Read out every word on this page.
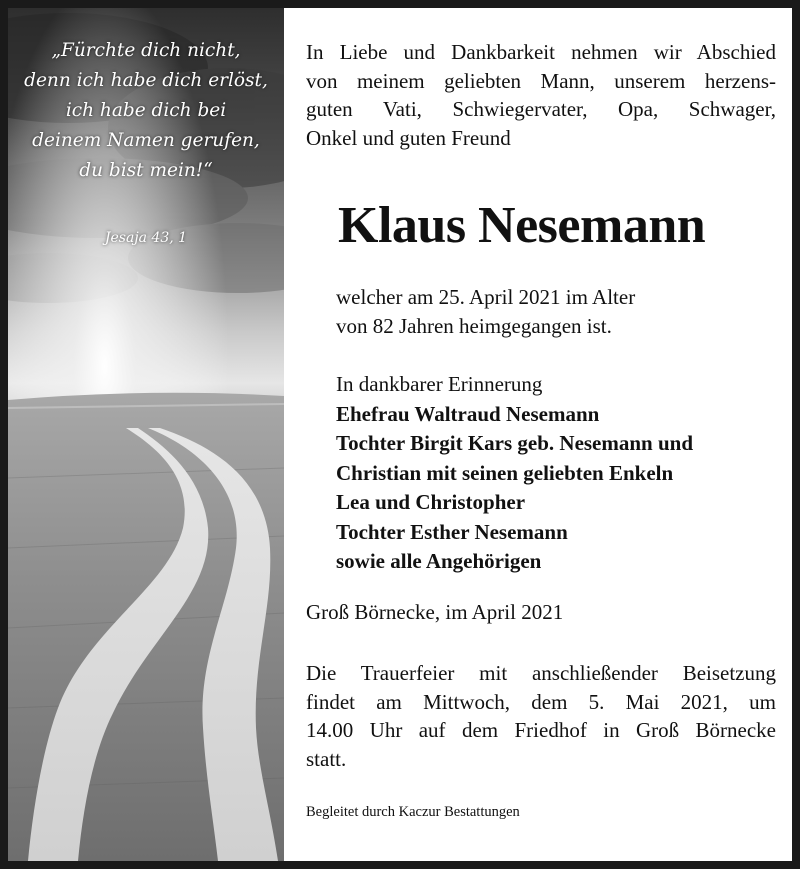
„Fürchte dich nicht,
denn ich habe dich erlöst,
ich habe dich bei
deinem Namen gerufen,
du bist mein!“
Jesaja 43, 1
In Liebe und Dankbarkeit nehmen wir Abschied
von meinem geliebten Mann, unserem herzens-
guten Vati, Schwiegervater, Opa, Schwager,
Onkel und guten Freund
Klaus Nesemann
welcher am 25. April 2021 im Alter
von 82 Jahren heimgegangen ist.
In dankbarer Erinnerung
Ehefrau Waltraud Nesemann
Tochter Birgit Kars geb. Nesemann und
Christian mit seinen geliebten Enkeln
Lea und Christopher
Tochter Esther Nesemann
sowie alle Angehörigen
Groß Börnecke, im April 2021
Die Trauerfeier mit anschließender Beisetzung
findet am Mittwoch, dem 5. Mai 2021, um
14.00 Uhr auf dem Friedhof in Groß Börnecke
statt.
Begleitet durch Kaczur Bestattungen
